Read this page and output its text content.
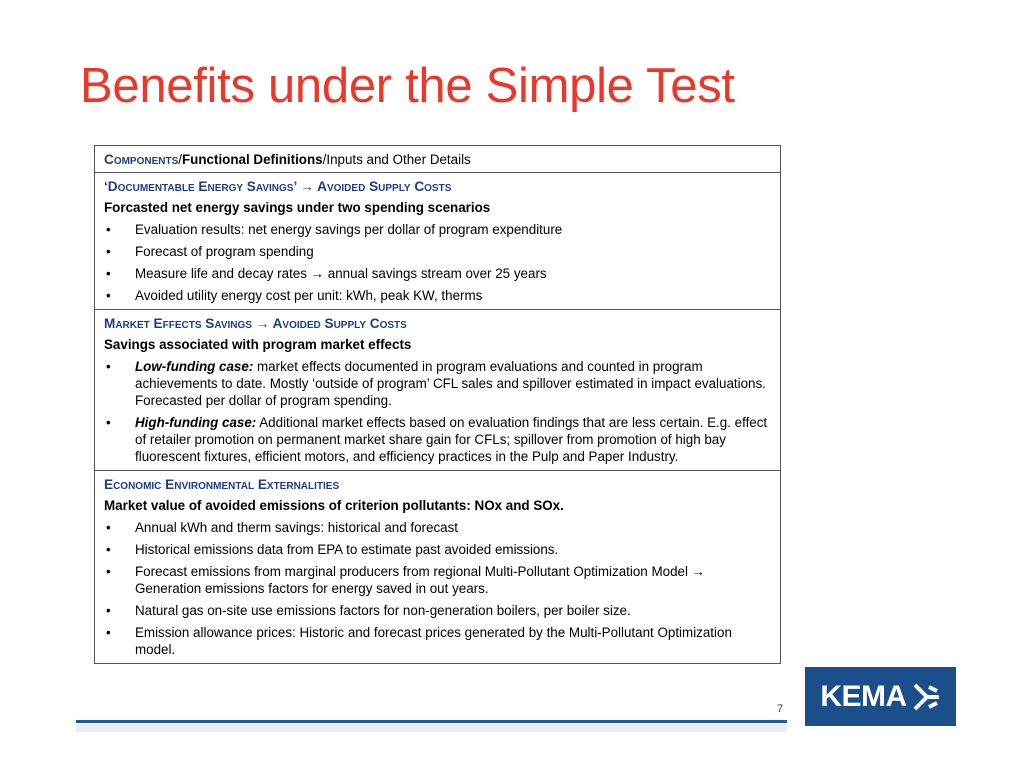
Benefits under the Simple Test
Components/Functional Definitions/Inputs and Other Details
‘Documentable Energy Savings’ → Avoided Supply Costs
Forcasted net energy savings under two spending scenarios
• Evaluation results: net energy savings per dollar of program expenditure
• Forecast of program spending
• Measure life and decay rates → annual savings stream over 25 years
• Avoided utility energy cost per unit: kWh, peak KW, therms
Market Effects Savings → Avoided Supply Costs
Savings associated with program market effects
• Low-funding case: market effects documented in program evaluations and counted in program achievements to date. Mostly ‘outside of program’ CFL sales and spillover estimated in impact evaluations. Forecasted per dollar of program spending.
• High-funding case: Additional market effects based on evaluation findings that are less certain. E.g. effect of retailer promotion on permanent market share gain for CFLs; spillover from promotion of high bay fluorescent fixtures, efficient motors, and efficiency practices in the Pulp and Paper Industry.
Economic Environmental Externalities
Market value of avoided emissions of criterion pollutants: NOx and SOx.
• Annual kWh and therm savings: historical and forecast
• Historical emissions data from EPA to estimate past avoided emissions.
• Forecast emissions from marginal producers from regional Multi-Pollutant Optimization Model → Generation emissions factors for energy saved in out years.
• Natural gas on-site use emissions factors for non-generation boilers, per boiler size.
• Emission allowance prices: Historic and forecast prices generated by the Multi-Pollutant Optimization model.
7 KEMA
